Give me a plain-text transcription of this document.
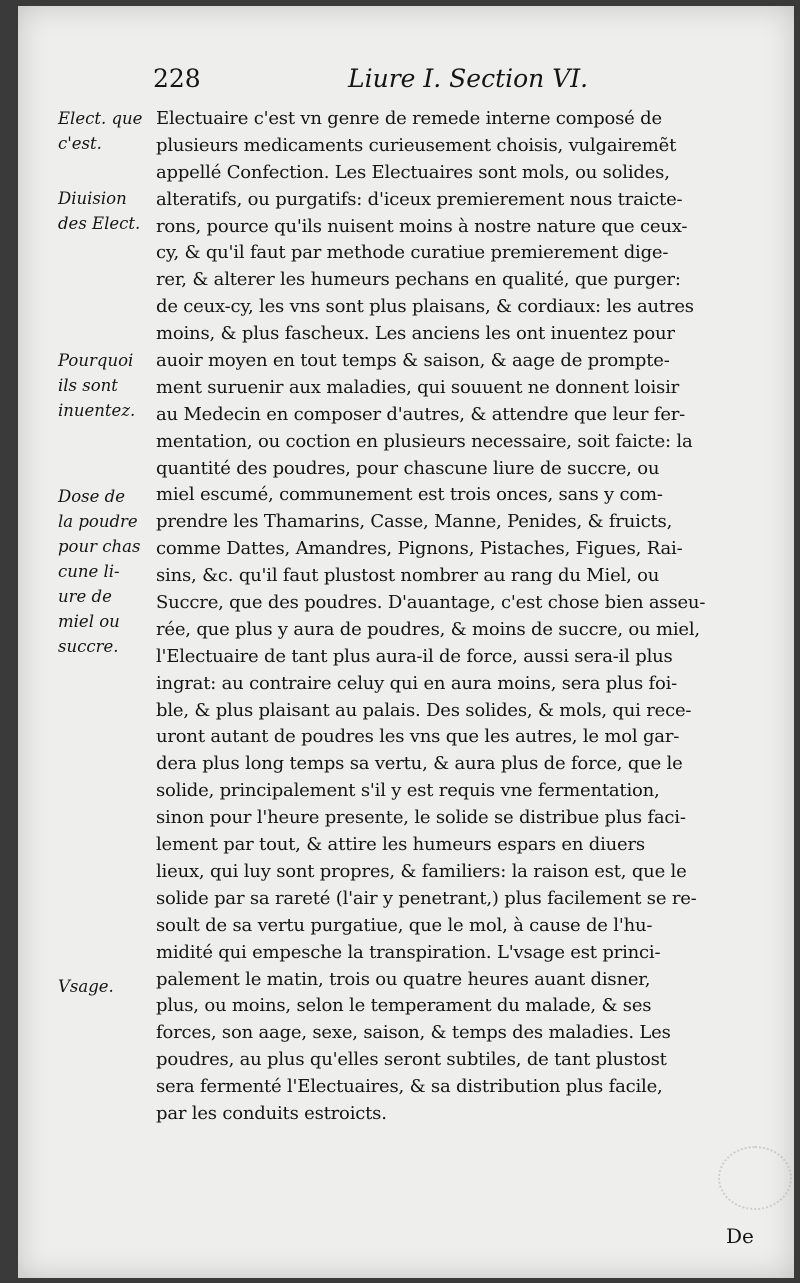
228	Liure I. Section VI.
Elect. que
c'est.
Diuision
des Elect.
Pourquoi
ils sont
inuentez.
Dose de
la poudre
pour chas
cune li-
ure de
miel ou
succre.
Vsage.
Electuaire c'est vn genre de remede interne composé de
plusieurs medicaments curieusement choisis, vulgairemẽt
appellé Confection. Les Electuaires sont mols, ou solides,
alteratifs, ou purgatifs: d'iceux premierement nous traicte-
rons, pource qu'ils nuisent moins à nostre nature que ceux-
cy, & qu'il faut par methode curatiue premierement dige-
rer, & alterer les humeurs pechans en qualité, que purger:
de ceux-cy, les vns sont plus plaisans, & cordiaux: les autres
moins, & plus fascheux. Les anciens les ont inuentez pour
auoir moyen en tout temps & saison, & aage de prompte-
ment suruenir aux maladies, qui souuent ne donnent loisir
au Medecin en composer d'autres, & attendre que leur fer-
mentation, ou coction en plusieurs necessaire, soit faicte: la
quantité des poudres, pour chascune liure de succre, ou
miel escumé, communement est trois onces, sans y com-
prendre les Thamarins, Casse, Manne, Penides, & fruicts,
comme Dattes, Amandres, Pignons, Pistaches, Figues, Rai-
sins, &c. qu'il faut plustost nombrer au rang du Miel, ou
Succre, que des poudres. D'auantage, c'est chose bien asseu-
rée, que plus y aura de poudres, & moins de succre, ou miel,
l'Electuaire de tant plus aura-il de force, aussi sera-il plus
ingrat: au contraire celuy qui en aura moins, sera plus foi-
ble, & plus plaisant au palais. Des solides, & mols, qui rece-
uront autant de poudres les vns que les autres, le mol gar-
dera plus long temps sa vertu, & aura plus de force, que le
solide, principalement s'il y est requis vne fermentation,
sinon pour l'heure presente, le solide se distribue plus faci-
lement par tout, & attire les humeurs espars en diuers
lieux, qui luy sont propres, & familiers: la raison est, que le
solide par sa rareté (l'air y penetrant,) plus facilement se re-
soult de sa vertu purgatiue, que le mol, à cause de l'hu-
midité qui empesche la transpiration. L'vsage est princi-
palement le matin, trois ou quatre heures auant disner,
plus, ou moins, selon le temperament du malade, & ses
forces, son aage, sexe, saison, & temps des maladies. Les
poudres, au plus qu'elles seront subtiles, de tant plustost
sera fermenté l'Electuaires, & sa distribution plus facile,
par les conduits estroicts.
De
